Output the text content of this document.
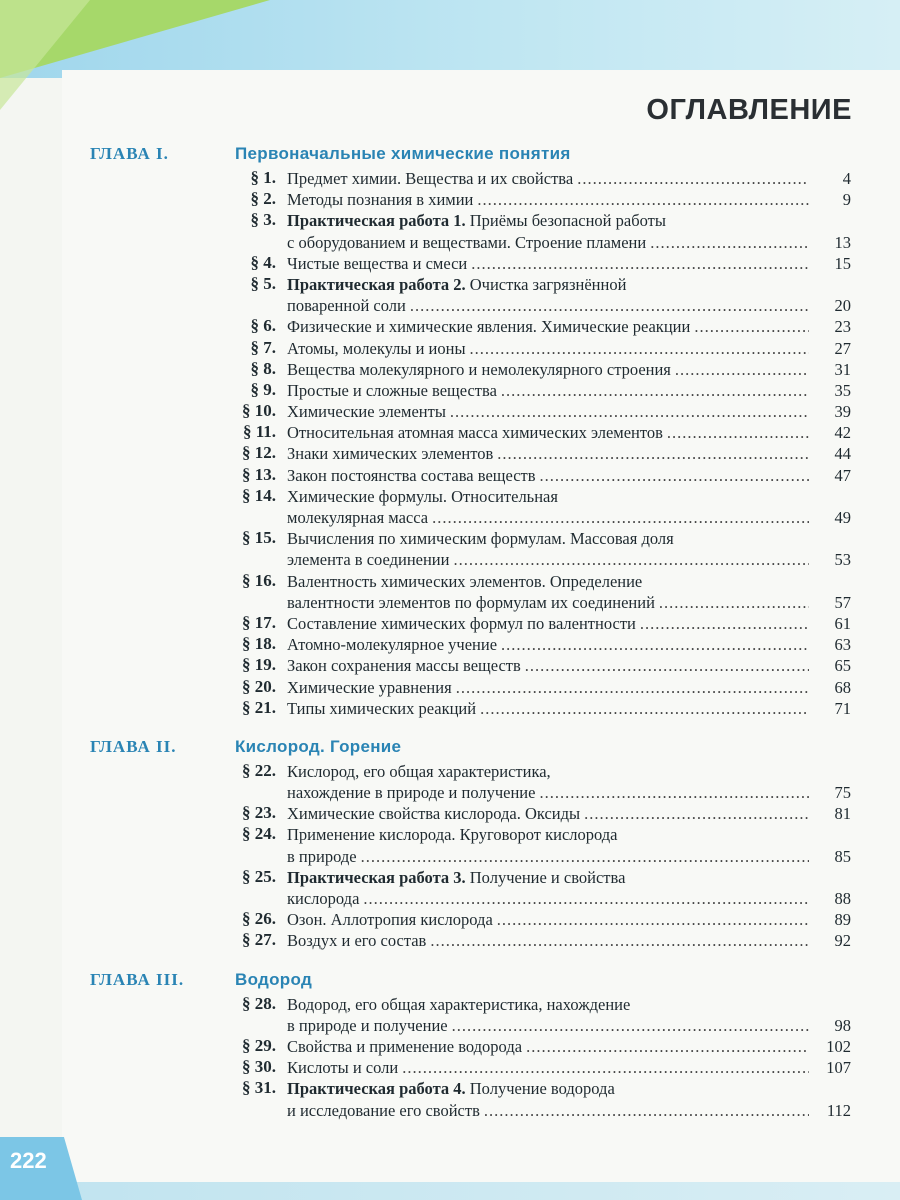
ОГЛАВЛЕНИЕ
ГЛАВА I.	Первоначальные химические понятия
§ 1. Предмет химии. Вещества и их свойства .....	4
§ 2. Методы познания в химии .....	9
§ 3. Практическая работа 1. Приёмы безопасной работы
с оборудованием и веществами. Строение пламени .....	13
§ 4. Чистые вещества и смеси .....	15
§ 5. Практическая работа 2. Очистка загрязнённой
поваренной соли .....	20
§ 6. Физические и химические явления. Химические реакции .....	23
§ 7. Атомы, молекулы и ионы .....	27
§ 8. Вещества молекулярного и немолекулярного строения .....	31
§ 9. Простые и сложные вещества .....	35
§ 10. Химические элементы .....	39
§ 11. Относительная атомная масса химических элементов .....	42
§ 12. Знаки химических элементов .....	44
§ 13. Закон постоянства состава веществ .....	47
§ 14. Химические формулы. Относительная
молекулярная масса .....	49
§ 15. Вычисления по химическим формулам. Массовая доля
элемента в соединении .....	53
§ 16. Валентность химических элементов. Определение
валентности элементов по формулам их соединений .....	57
§ 17. Составление химических формул по валентности .....	61
§ 18. Атомно-молекулярное учение .....	63
§ 19. Закон сохранения массы веществ .....	65
§ 20. Химические уравнения .....	68
§ 21. Типы химических реакций .....	71
ГЛАВА II.	Кислород. Горение
§ 22. Кислород, его общая характеристика,
нахождение в природе и получение .....	75
§ 23. Химические свойства кислорода. Оксиды .....	81
§ 24. Применение кислорода. Круговорот кислорода
в природе .....	85
§ 25. Практическая работа 3. Получение и свойства
кислорода .....	88
§ 26. Озон. Аллотропия кислорода .....	89
§ 27. Воздух и его состав .....	92
ГЛАВА III.	Водород
§ 28. Водород, его общая характеристика, нахождение
в природе и получение .....	98
§ 29. Свойства и применение водорода .....	102
§ 30. Кислоты и соли .....	107
§ 31. Практическая работа 4. Получение водорода
и исследование его свойств .....	112
222
